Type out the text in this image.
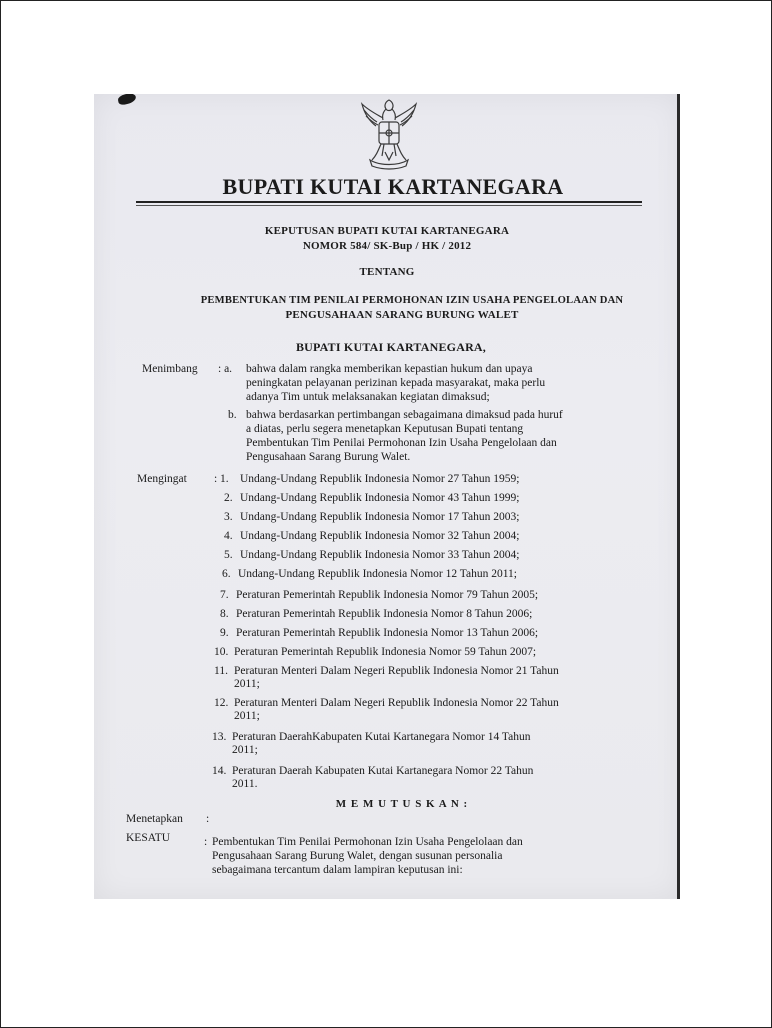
BUPATI KUTAI KARTANEGARA
KEPUTUSAN BUPATI KUTAI KARTANEGARA
NOMOR 584/ SK-Bup / HK / 2012
TENTANG
PEMBENTUKAN TIM PENILAI PERMOHONAN IZIN USAHA PENGELOLAAN DAN
PENGUSAHAAN SARANG BURUNG WALET
BUPATI KUTAI KARTANEGARA,
Menimbang : a. bahwa dalam rangka memberikan kepastian hukum dan upaya
peningkatan pelayanan perizinan kepada masyarakat, maka perlu
adanya Tim untuk melaksanakan kegiatan dimaksud;
b. bahwa berdasarkan pertimbangan sebagaimana dimaksud pada huruf
a diatas, perlu segera menetapkan Keputusan Bupati tentang
Pembentukan Tim Penilai Permohonan Izin Usaha Pengelolaan dan
Pengusahaan Sarang Burung Walet.
Mengingat : 1. Undang-Undang Republik Indonesia Nomor 27 Tahun 1959;
2. Undang-Undang Republik Indonesia Nomor 43 Tahun 1999;
3. Undang-Undang Republik Indonesia Nomor 17 Tahun 2003;
4. Undang-Undang Republik Indonesia Nomor 32 Tahun 2004;
5. Undang-Undang Republik Indonesia Nomor 33 Tahun 2004;
6. Undang-Undang Republik Indonesia Nomor 12 Tahun 2011;
7. Peraturan Pemerintah Republik Indonesia Nomor 79 Tahun 2005;
8. Peraturan Pemerintah Republik Indonesia Nomor 8 Tahun 2006;
9. Peraturan Pemerintah Republik Indonesia Nomor 13 Tahun 2006;
10. Peraturan Pemerintah Republik Indonesia Nomor 59 Tahun 2007;
11. Peraturan Menteri Dalam Negeri Republik Indonesia Nomor 21 Tahun
2011;
12. Peraturan Menteri Dalam Negeri Republik Indonesia Nomor 22 Tahun
2011;
13. Peraturan DaerahKabupaten Kutai Kartanegara Nomor 14 Tahun
2011;
14. Peraturan Daerah Kabupaten Kutai Kartanegara Nomor 22 Tahun
2011.
M E M U T U S K A N :
Menetapkan :
KESATU	: Pembentukan Tim Penilai Permohonan Izin Usaha Pengelolaan dan
Pengusahaan Sarang Burung Walet, dengan susunan personalia
sebagaimana tercantum dalam lampiran keputusan ini:
